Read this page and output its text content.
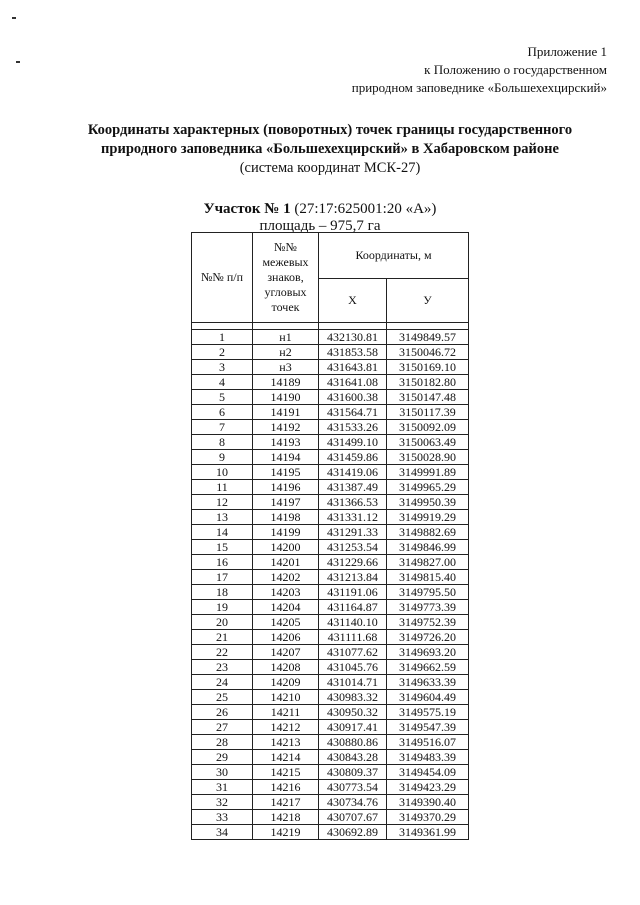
Приложение 1
к Положению о государственном
природном заповеднике «Большехехцирский»
Координаты характерных (поворотных) точек границы государственного
природного заповедника «Большехехцирский» в Хабаровском районе
(система координат МСК-27)
Участок № 1 (27:17:625001:20 «А»)
площадь – 975,7 га
№№ п/п	№№ межевых знаков, угловых точек	Координаты, м	
		X	У

1	н1	432130.81	3149849.57
2	н2	431853.58	3150046.72
3	н3	431643.81	3150169.10
4	14189	431641.08	3150182.80
5	14190	431600.38	3150147.48
6	14191	431564.71	3150117.39
7	14192	431533.26	3150092.09
8	14193	431499.10	3150063.49
9	14194	431459.86	3150028.90
10	14195	431419.06	3149991.89
11	14196	431387.49	3149965.29
12	14197	431366.53	3149950.39
13	14198	431331.12	3149919.29
14	14199	431291.33	3149882.69
15	14200	431253.54	3149846.99
16	14201	431229.66	3149827.00
17	14202	431213.84	3149815.40
18	14203	431191.06	3149795.50
19	14204	431164.87	3149773.39
20	14205	431140.10	3149752.39
21	14206	431111.68	3149726.20
22	14207	431077.62	3149693.20
23	14208	431045.76	3149662.59
24	14209	431014.71	3149633.39
25	14210	430983.32	3149604.49
26	14211	430950.32	3149575.19
27	14212	430917.41	3149547.39
28	14213	430880.86	3149516.07
29	14214	430843.28	3149483.39
30	14215	430809.37	3149454.09
31	14216	430773.54	3149423.29
32	14217	430734.76	3149390.40
33	14218	430707.67	3149370.29
34	14219	430692.89	3149361.99
